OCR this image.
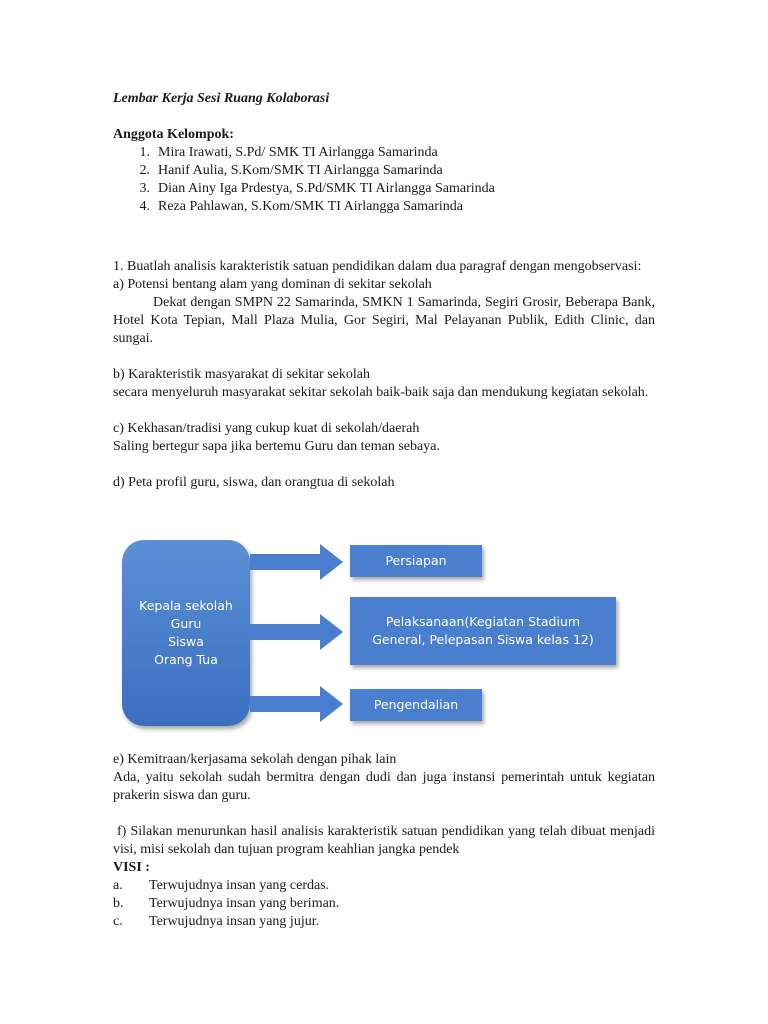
Lembar Kerja Sesi Ruang Kolaborasi

Anggota Kelompok:

1. Mira Irawati, S.Pd/ SMK TI Airlangga Samarinda
2. Hanif Aulia, S.Kom/SMK TI Airlangga Samarinda
3. Dian Ainy Iga Prdestya, S.Pd/SMK TI Airlangga Samarinda
4. Reza Pahlawan, S.Kom/SMK TI Airlangga Samarinda

1. Buatlah analisis karakteristik satuan pendidikan dalam dua paragraf dengan mengobservasi:

a) Potensi bentang alam yang dominan di sekitar sekolah

Dekat dengan SMPN 22 Samarinda, SMKN 1 Samarinda, Segiri Grosir, Beberapa Bank, Hotel Kota Tepian, Mall Plaza Mulia, Gor Segiri, Mal Pelayanan Publik, Edith Clinic, dan sungai.

b) Karakteristik masyarakat di sekitar sekolah

secara menyeluruh masyarakat sekitar sekolah baik-baik saja dan mendukung kegiatan sekolah.

c) Kekhasan/tradisi yang cukup kuat di sekolah/daerah

Saling bertegur sapa jika bertemu Guru dan teman sebaya.

d) Peta profil guru, siswa, dan orangtua di sekolah

Kepala sekolah
Guru
Siswa
Orang Tua
Persiapan
Pelaksanaan(Kegiatan Stadium General, Pelepasan Siswa kelas 12)
Pengendalian

e) Kemitraan/kerjasama sekolah dengan pihak lain

Ada, yaitu sekolah sudah bermitra dengan dudi dan juga instansi pemerintah untuk kegiatan prakerin siswa dan guru.

f) Silakan menurunkan hasil analisis karakteristik satuan pendidikan yang telah dibuat menjadi visi, misi sekolah dan tujuan program keahlian jangka pendek

VISI :

a.	Terwujudnya insan yang cerdas.
b.	Terwujudnya insan yang beriman.
c.	Terwujudnya insan yang jujur.
